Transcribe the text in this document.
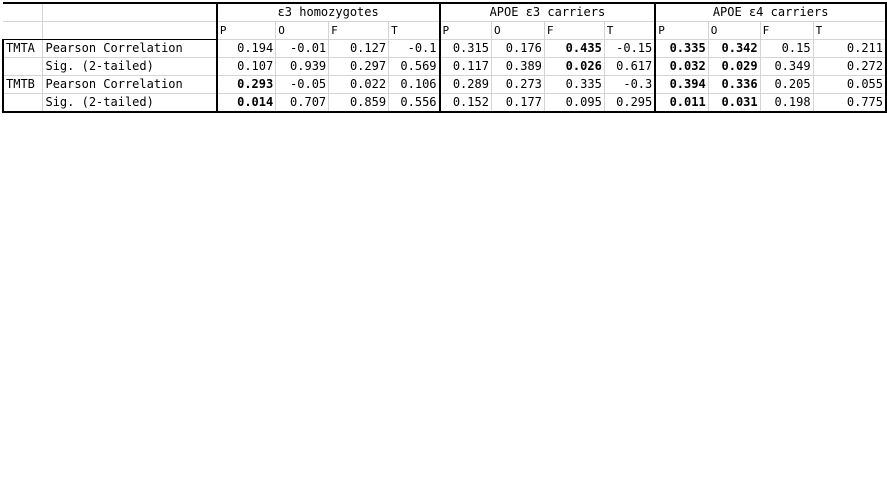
		ε3 homozygotes				APOE ε3 carriers				APOE ε4 carriers			
		P	O	F	T	P	O	F	T	P	O	F	T
TMTA	Pearson Correlation	0.194	-0.01	0.127	-0.1	0.315	0.176	0.435	-0.15	0.335	0.342	0.15	0.211
	Sig. (2-tailed)	0.107	0.939	0.297	0.569	0.117	0.389	0.026	0.617	0.032	0.029	0.349	0.272
TMTB	Pearson Correlation	0.293	-0.05	0.022	0.106	0.289	0.273	0.335	-0.3	0.394	0.336	0.205	0.055
	Sig. (2-tailed)	0.014	0.707	0.859	0.556	0.152	0.177	0.095	0.295	0.011	0.031	0.198	0.775
